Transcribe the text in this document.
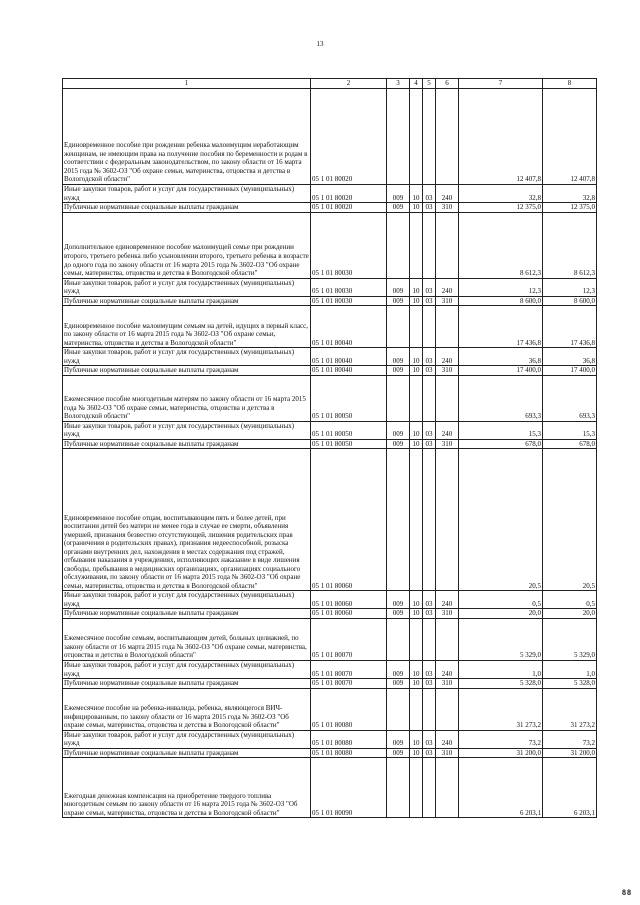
13
1	2	3	4	5	6	7	8
Единовременное пособие при рождении ребенка малоимущим неработающим женщинам, не имеющим права на получение пособия по беременности и родам в соответствии с федеральным законодательством, по закону области от 16 марта 2015 года № 3602-ОЗ "Об охране семьи, материнства, отцовства и детства в Вологодской области"	05 1 01 80020					12 407,8	12 407,8
Иные закупки товаров, работ и услуг для государственных (муниципальных) нужд	05 1 01 80020	009	10	03	240	32,8	32,8
Публичные нормативные социальные выплаты гражданам	05 1 01 80020	009	10	03	310	12 375,0	12 375,0
Дополнительное единовременное пособие малоимущей семье при рождении второго, третьего ребенка либо усыновлении второго, третьего ребенка в возрасте до одного года по закону области от 16 марта 2015 года № 3602-ОЗ "Об охране семьи, материнства, отцовства и детства в Вологодской области"	05 1 01 80030					8 612,3	8 612,3
Иные закупки товаров, работ и услуг для государственных (муниципальных) нужд	05 1 01 80030	009	10	03	240	12,3	12,3
Публичные нормативные социальные выплаты гражданам	05 1 01 80030	009	10	03	310	8 600,0	8 600,0
Единовременное пособие малоимущим семьям на детей, идущих в первый класс, по закону области от 16 марта 2015 года № 3602-ОЗ "Об охране семьи, материнства, отцовства и детства в Вологодской области"	05 1 01 80040					17 436,8	17 436,8
Иные закупки товаров, работ и услуг для государственных (муниципальных) нужд	05 1 01 80040	009	10	03	240	36,8	36,8
Публичные нормативные социальные выплаты гражданам	05 1 01 80040	009	10	03	310	17 400,0	17 400,0
Ежемесячное пособие многодетным матерям по закону области от 16 марта 2015 года № 3602-ОЗ "Об охране семьи, материнства, отцовства и детства в Вологодской области"	05 1 01 80050					693,3	693,3
Иные закупки товаров, работ и услуг для государственных (муниципальных) нужд	05 1 01 80050	009	10	03	240	15,3	15,3
Публичные нормативные социальные выплаты гражданам	05 1 01 80050	009	10	03	310	678,0	678,0
Единовременное пособие отцам, воспитывающим пять и более детей, при воспитании детей без матери не менее года в случае ее смерти, объявления умершей, признания безвестно отсутствующей, лишения родительских прав (ограничения в родительских правах), признания недееспособной, розыска органами внутренних дел, нахождения в местах содержания под стражей, отбывания наказания в учреждениях, исполняющих наказание в виде лишения свободы, пребывания в медицинских организациях, организациях социального обслуживания, по закону области от 16 марта 2015 года № 3602-ОЗ "Об охране семьи, материнства, отцовства и детства в Вологодской области"	05 1 01 80060					20,5	20,5
Иные закупки товаров, работ и услуг для государственных (муниципальных) нужд	05 1 01 80060	009	10	03	240	0,5	0,5
Публичные нормативные социальные выплаты гражданам	05 1 01 80060	009	10	03	310	20,0	20,0
Ежемесячное пособие семьям, воспитывающим детей, больных целиакией, по закону области от 16 марта 2015 года № 3602-ОЗ "Об охране семьи, материнства, отцовства и детства в Вологодской области"	05 1 01 80070					5 329,0	5 329,0
Иные закупки товаров, работ и услуг для государственных (муниципальных) нужд	05 1 01 80070	009	10	03	240	1,0	1,0
Публичные нормативные социальные выплаты гражданам	05 1 01 80070	009	10	03	310	5 328,0	5 328,0
Ежемесячное пособие на ребенка-инвалида, ребенка, являющегося ВИЧ-инфицированным, по закону области от 16 марта 2015 года № 3602-ОЗ "Об охране семьи, материнства, отцовства и детства в Вологодской области"	05 1 01 80080					31 273,2	31 273,2
Иные закупки товаров, работ и услуг для государственных (муниципальных) нужд	05 1 01 80080	009	10	03	240	73,2	73,2
Публичные нормативные социальные выплаты гражданам	05 1 01 80080	009	10	03	310	31 200,0	31 200,0
Ежегодная денежная компенсация на приобретение твердого топлива многодетным семьям по закону области от 16 марта 2015 года № 3602-ОЗ "Об охране семьи, материнства, отцовства и детства в Вологодской области"	05 1 01 80090					6 203,1	6 203,1
88
